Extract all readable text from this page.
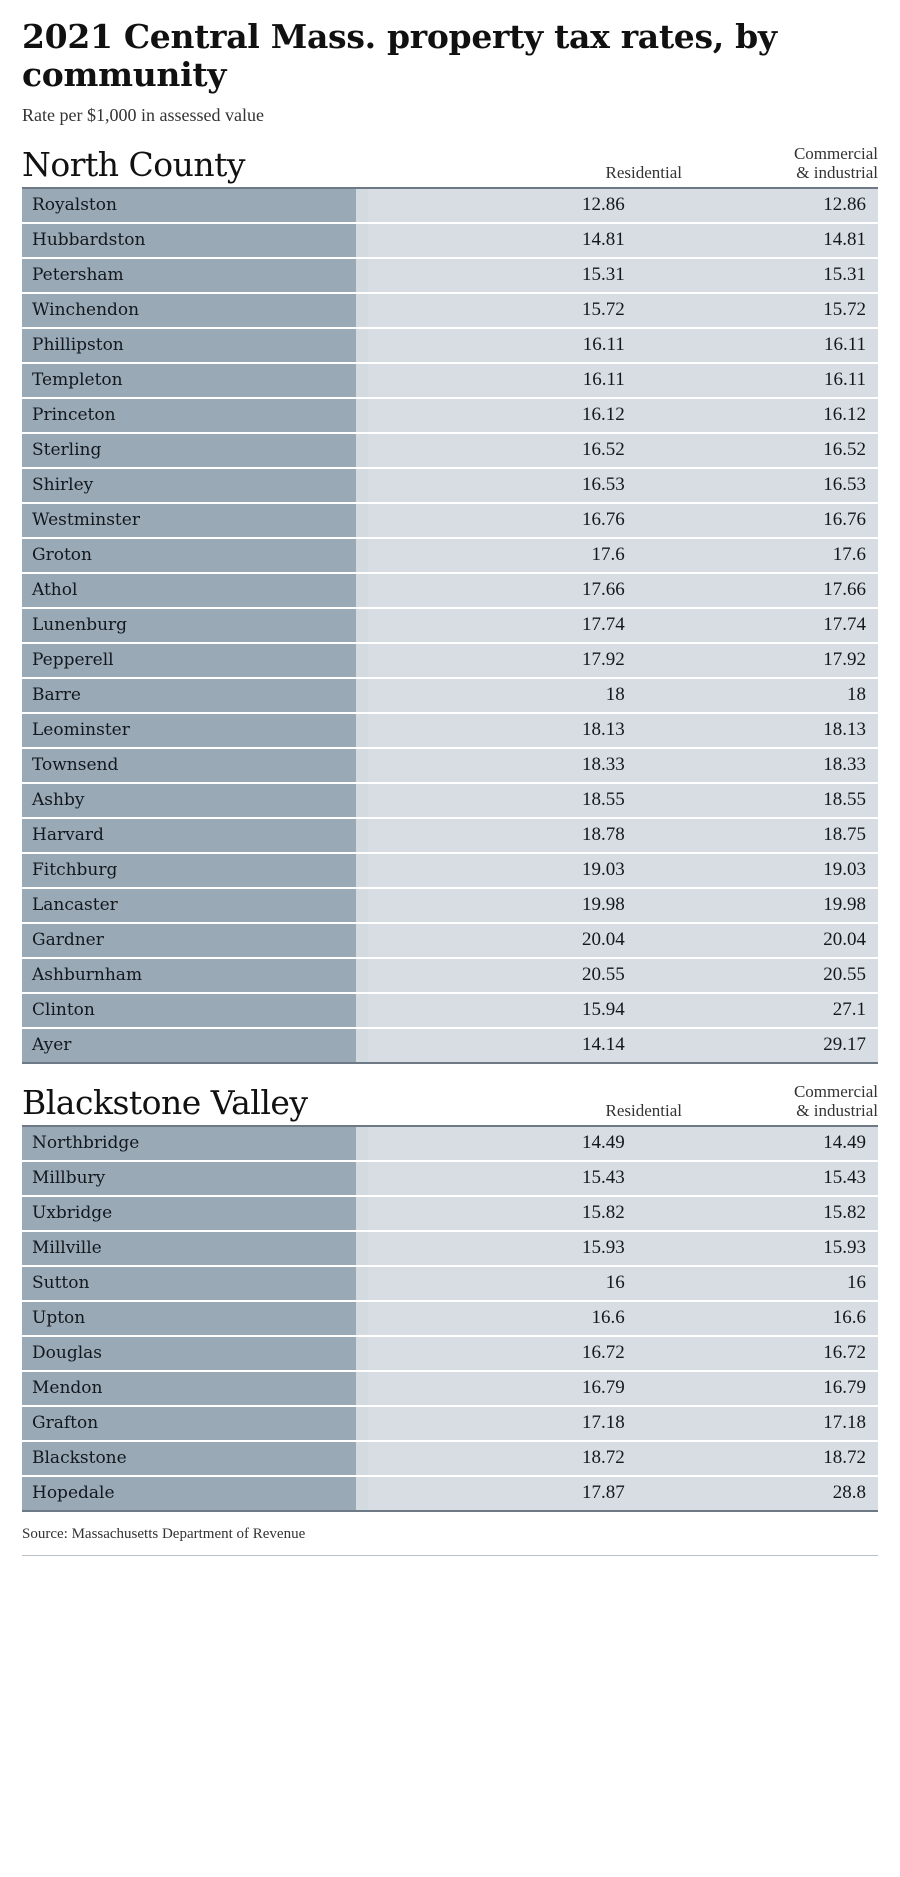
2021 Central Mass. property tax rates, by community
Rate per $1,000 in assessed value
North County	Residential
Commercial
& industrial
Royalston		12.86	12.86

Hubbardston		14.81	14.81

Petersham		15.31	15.31

Winchendon		15.72	15.72

Phillipston		16.11	16.11

Templeton		16.11	16.11

Princeton		16.12	16.12

Sterling		16.52	16.52

Shirley		16.53	16.53

Westminster		16.76	16.76

Groton		17.6	17.6

Athol		17.66	17.66

Lunenburg		17.74	17.74

Pepperell		17.92	17.92

Barre		18	18

Leominster		18.13	18.13

Townsend		18.33	18.33

Ashby		18.55	18.55

Harvard		18.78	18.75

Fitchburg		19.03	19.03

Lancaster		19.98	19.98

Gardner		20.04	20.04

Ashburnham		20.55	20.55

Clinton		15.94	27.1

Ayer		14.14	29.17
Blackstone Valley	Residential
Commercial
& industrial
Northbridge		14.49	14.49

Millbury		15.43	15.43

Uxbridge		15.82	15.82

Millville		15.93	15.93

Sutton		16	16

Upton		16.6	16.6

Douglas		16.72	16.72

Mendon		16.79	16.79

Grafton		17.18	17.18

Blackstone		18.72	18.72

Hopedale		17.87	28.8
Source: Massachusetts Department of Revenue
